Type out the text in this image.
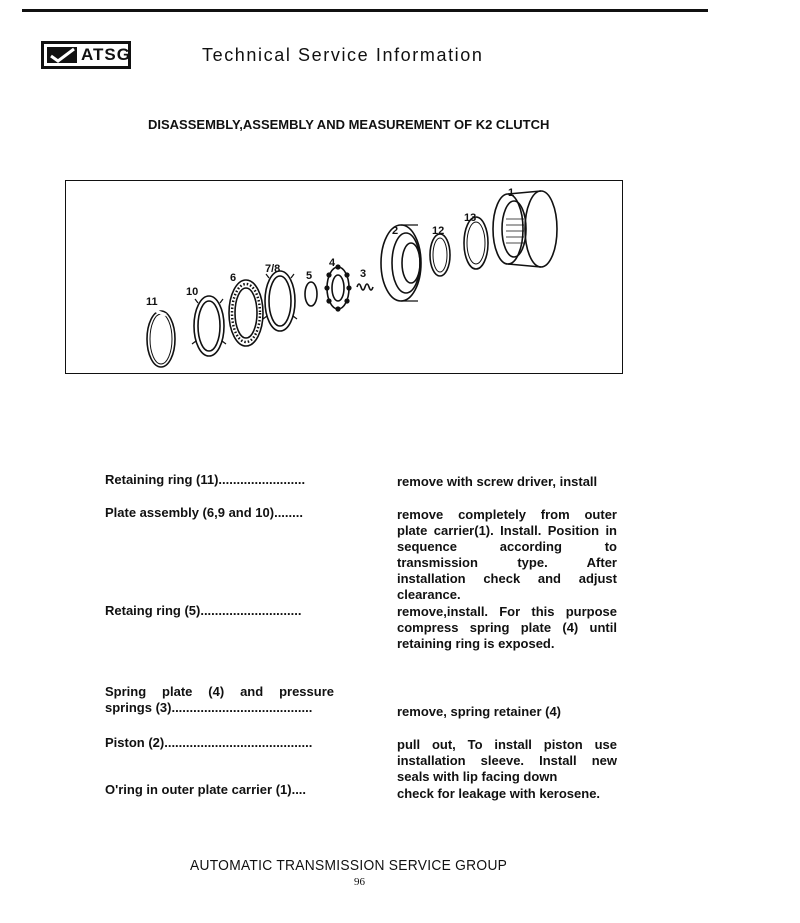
ATSG	Technical Service Information
DISASSEMBLY,ASSEMBLY AND MEASUREMENT OF K2 CLUTCH
1
13
12
2
3
4
5
7/8
6
10
11
Retaining ring (11)........................	remove with screw driver, install
Plate assembly (6,9 and 10)........	remove completely from outer plate carrier(1). Install. Position in sequence according to transmission type. After installation check and adjust clearance.
Retaing ring (5)............................	remove,install. For this purpose compress spring plate (4) until retaining ring is exposed.
Spring plate (4) and pressure springs (3).......................................	remove, spring retainer (4)
Piston (2).........................................	pull out, To install piston use installation sleeve. Install new seals with lip facing down
O'ring in outer plate carrier (1)....	check for leakage with kerosene.
AUTOMATIC TRANSMISSION SERVICE GROUP
96
